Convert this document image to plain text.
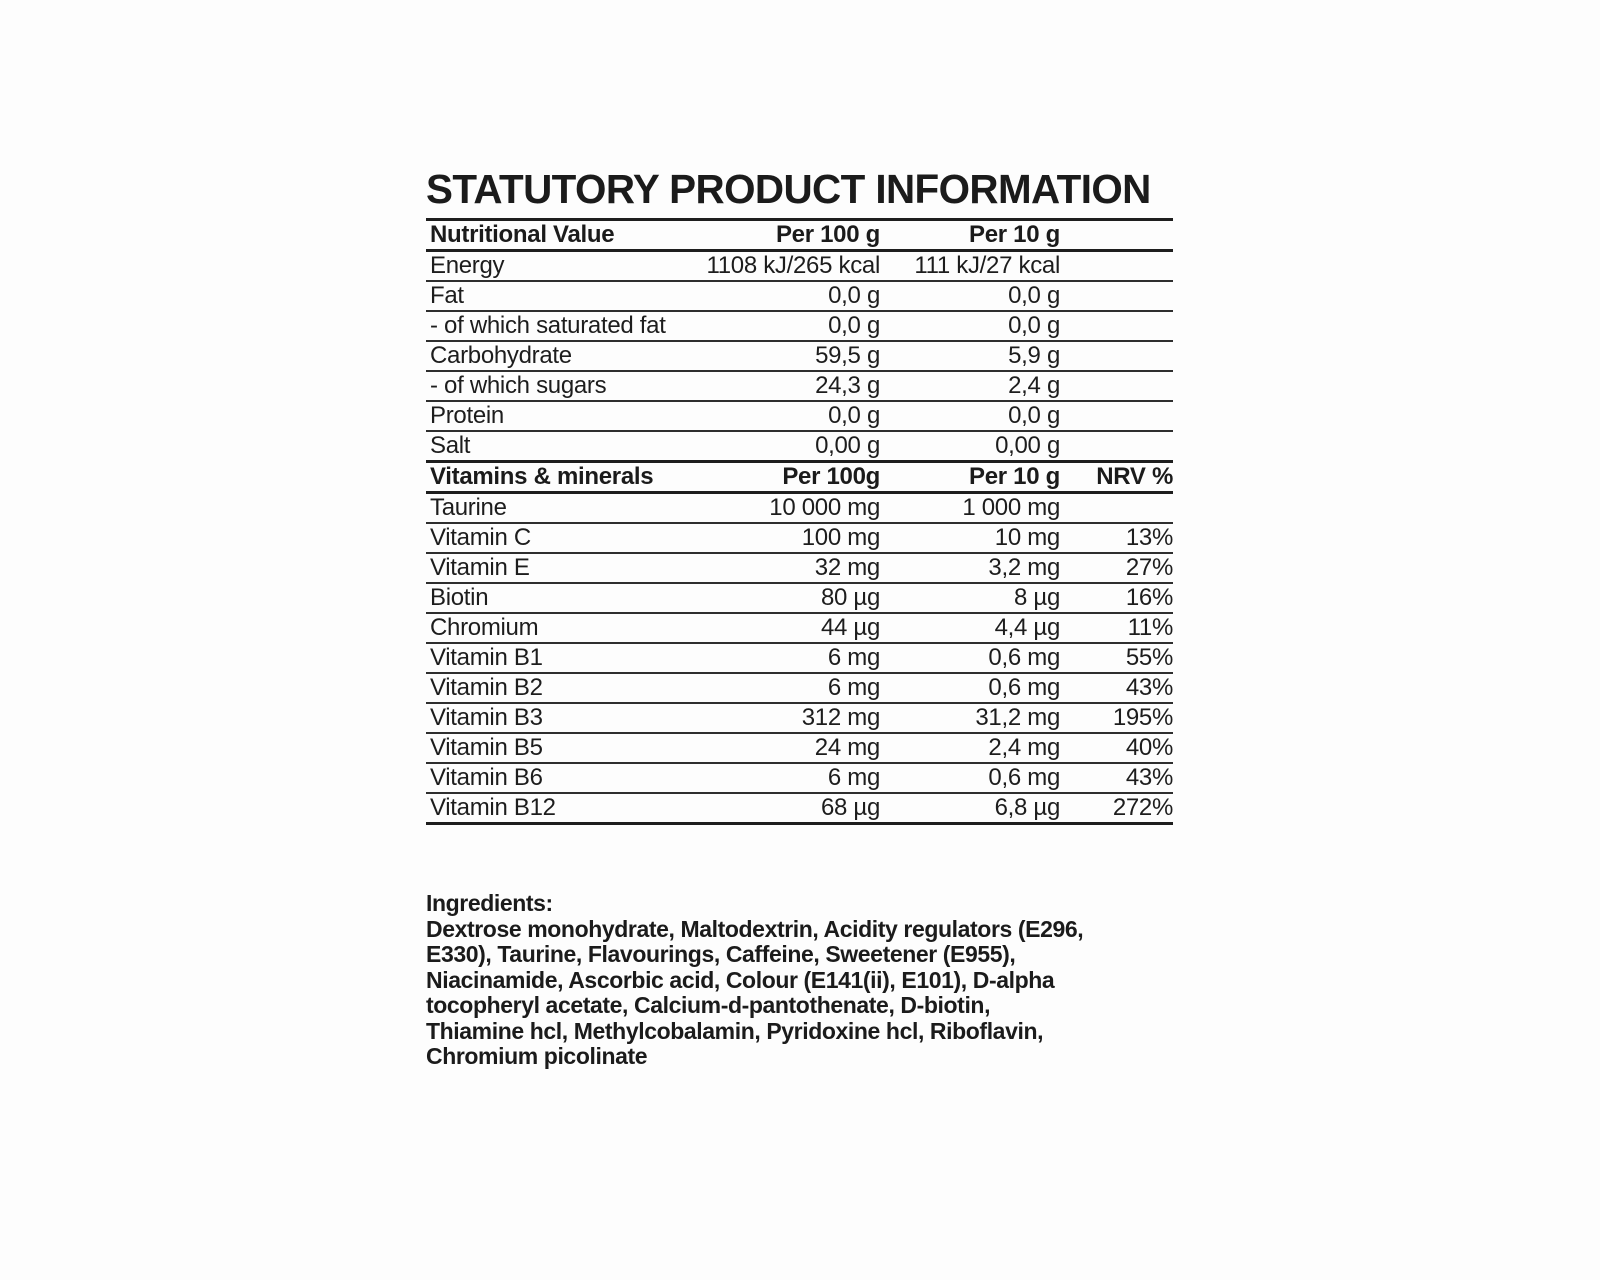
STATUTORY PRODUCT INFORMATION
Nutritional Value	Per 100 g	Per 10 g	
Energy	1108 kJ/265 kcal	111 kJ/27 kcal	
Fat	0,0 g	0,0 g	
- of which saturated fat	0,0 g	0,0 g	
Carbohydrate	59,5 g	5,9 g	
- of which sugars	24,3 g	2,4 g	
Protein	0,0 g	0,0 g	
Salt	0,00 g	0,00 g	
Vitamins & minerals	Per 100g	Per 10 g	NRV %
Taurine	10 000 mg	1 000 mg	
Vitamin C	100 mg	10 mg	13%
Vitamin E	32 mg	3,2 mg	27%
Biotin	80 µg	8 µg	16%
Chromium	44 µg	4,4 µg	11%
Vitamin B1	6 mg	0,6 mg	55%
Vitamin B2	6 mg	0,6 mg	43%
Vitamin B3	312 mg	31,2 mg	195%
Vitamin B5	24 mg	2,4 mg	40%
Vitamin B6	6 mg	0,6 mg	43%
Vitamin B12	68 µg	6,8 µg	272%
Ingredients:
Dextrose monohydrate, Maltodextrin, Acidity regulators (E296,
E330), Taurine, Flavourings, Caffeine, Sweetener (E955),
Niacinamide, Ascorbic acid, Colour (E141(ii), E101), D-alpha
tocopheryl acetate, Calcium-d-pantothenate, D-biotin,
Thiamine hcl, Methylcobalamin, Pyridoxine hcl, Riboflavin,
Chromium picolinate
